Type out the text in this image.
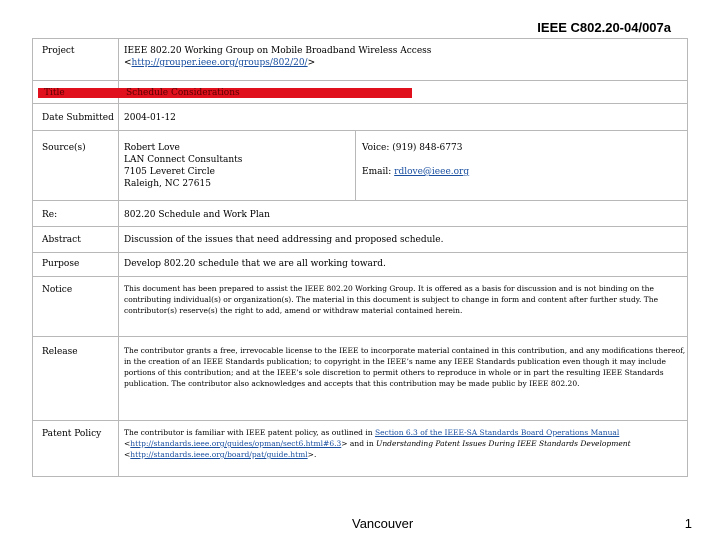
IEEE C802.20-04/007a
Project	IEEE 802.20 Working Group on Mobile Broadband Wireless Access
<http://grouper.ieee.org/groups/802/20/>
Title	Schedule Considerations
Date Submitted 2004-01-12
Source(s)	Robert Love
LAN Connect Consultants
7105 Leveret Circle
Raleigh, NC 27615
Voice: (919) 848-6773
Email: rdlove@ieee.org
Re:	802.20 Schedule and Work Plan
Abstract	Discussion of the issues that need addressing and proposed schedule.
Purpose	Develop 802.20 schedule that we are all working toward.
Notice	This document has been prepared to assist the IEEE 802.20 Working Group. It is offered as a basis for discussion and is not binding on the
contributing individual(s) or organization(s). The material in this document is subject to change in form and content after further study. The
contributor(s) reserve(s) the right to add, amend or withdraw material contained herein.
Release	The contributor grants a free, irrevocable license to the IEEE to incorporate material contained in this contribution, and any modifications thereof,
in the creation of an IEEE Standards publication; to copyright in the IEEE’s name any IEEE Standards publication even though it may include
portions of this contribution; and at the IEEE’s sole discretion to permit others to reproduce in whole or in part the resulting IEEE Standards
publication. The contributor also acknowledges and accepts that this contribution may be made public by IEEE 802.20.
Patent Policy	The contributor is familiar with IEEE patent policy, as outlined in Section 6.3 of the IEEE-SA Standards Board Operations Manual
<http://standards.ieee.org/guides/opman/sect6.html#6.3> and in Understanding Patent Issues During IEEE Standards Development
<http://standards.ieee.org/board/pat/guide.html>.
Vancouver	1
